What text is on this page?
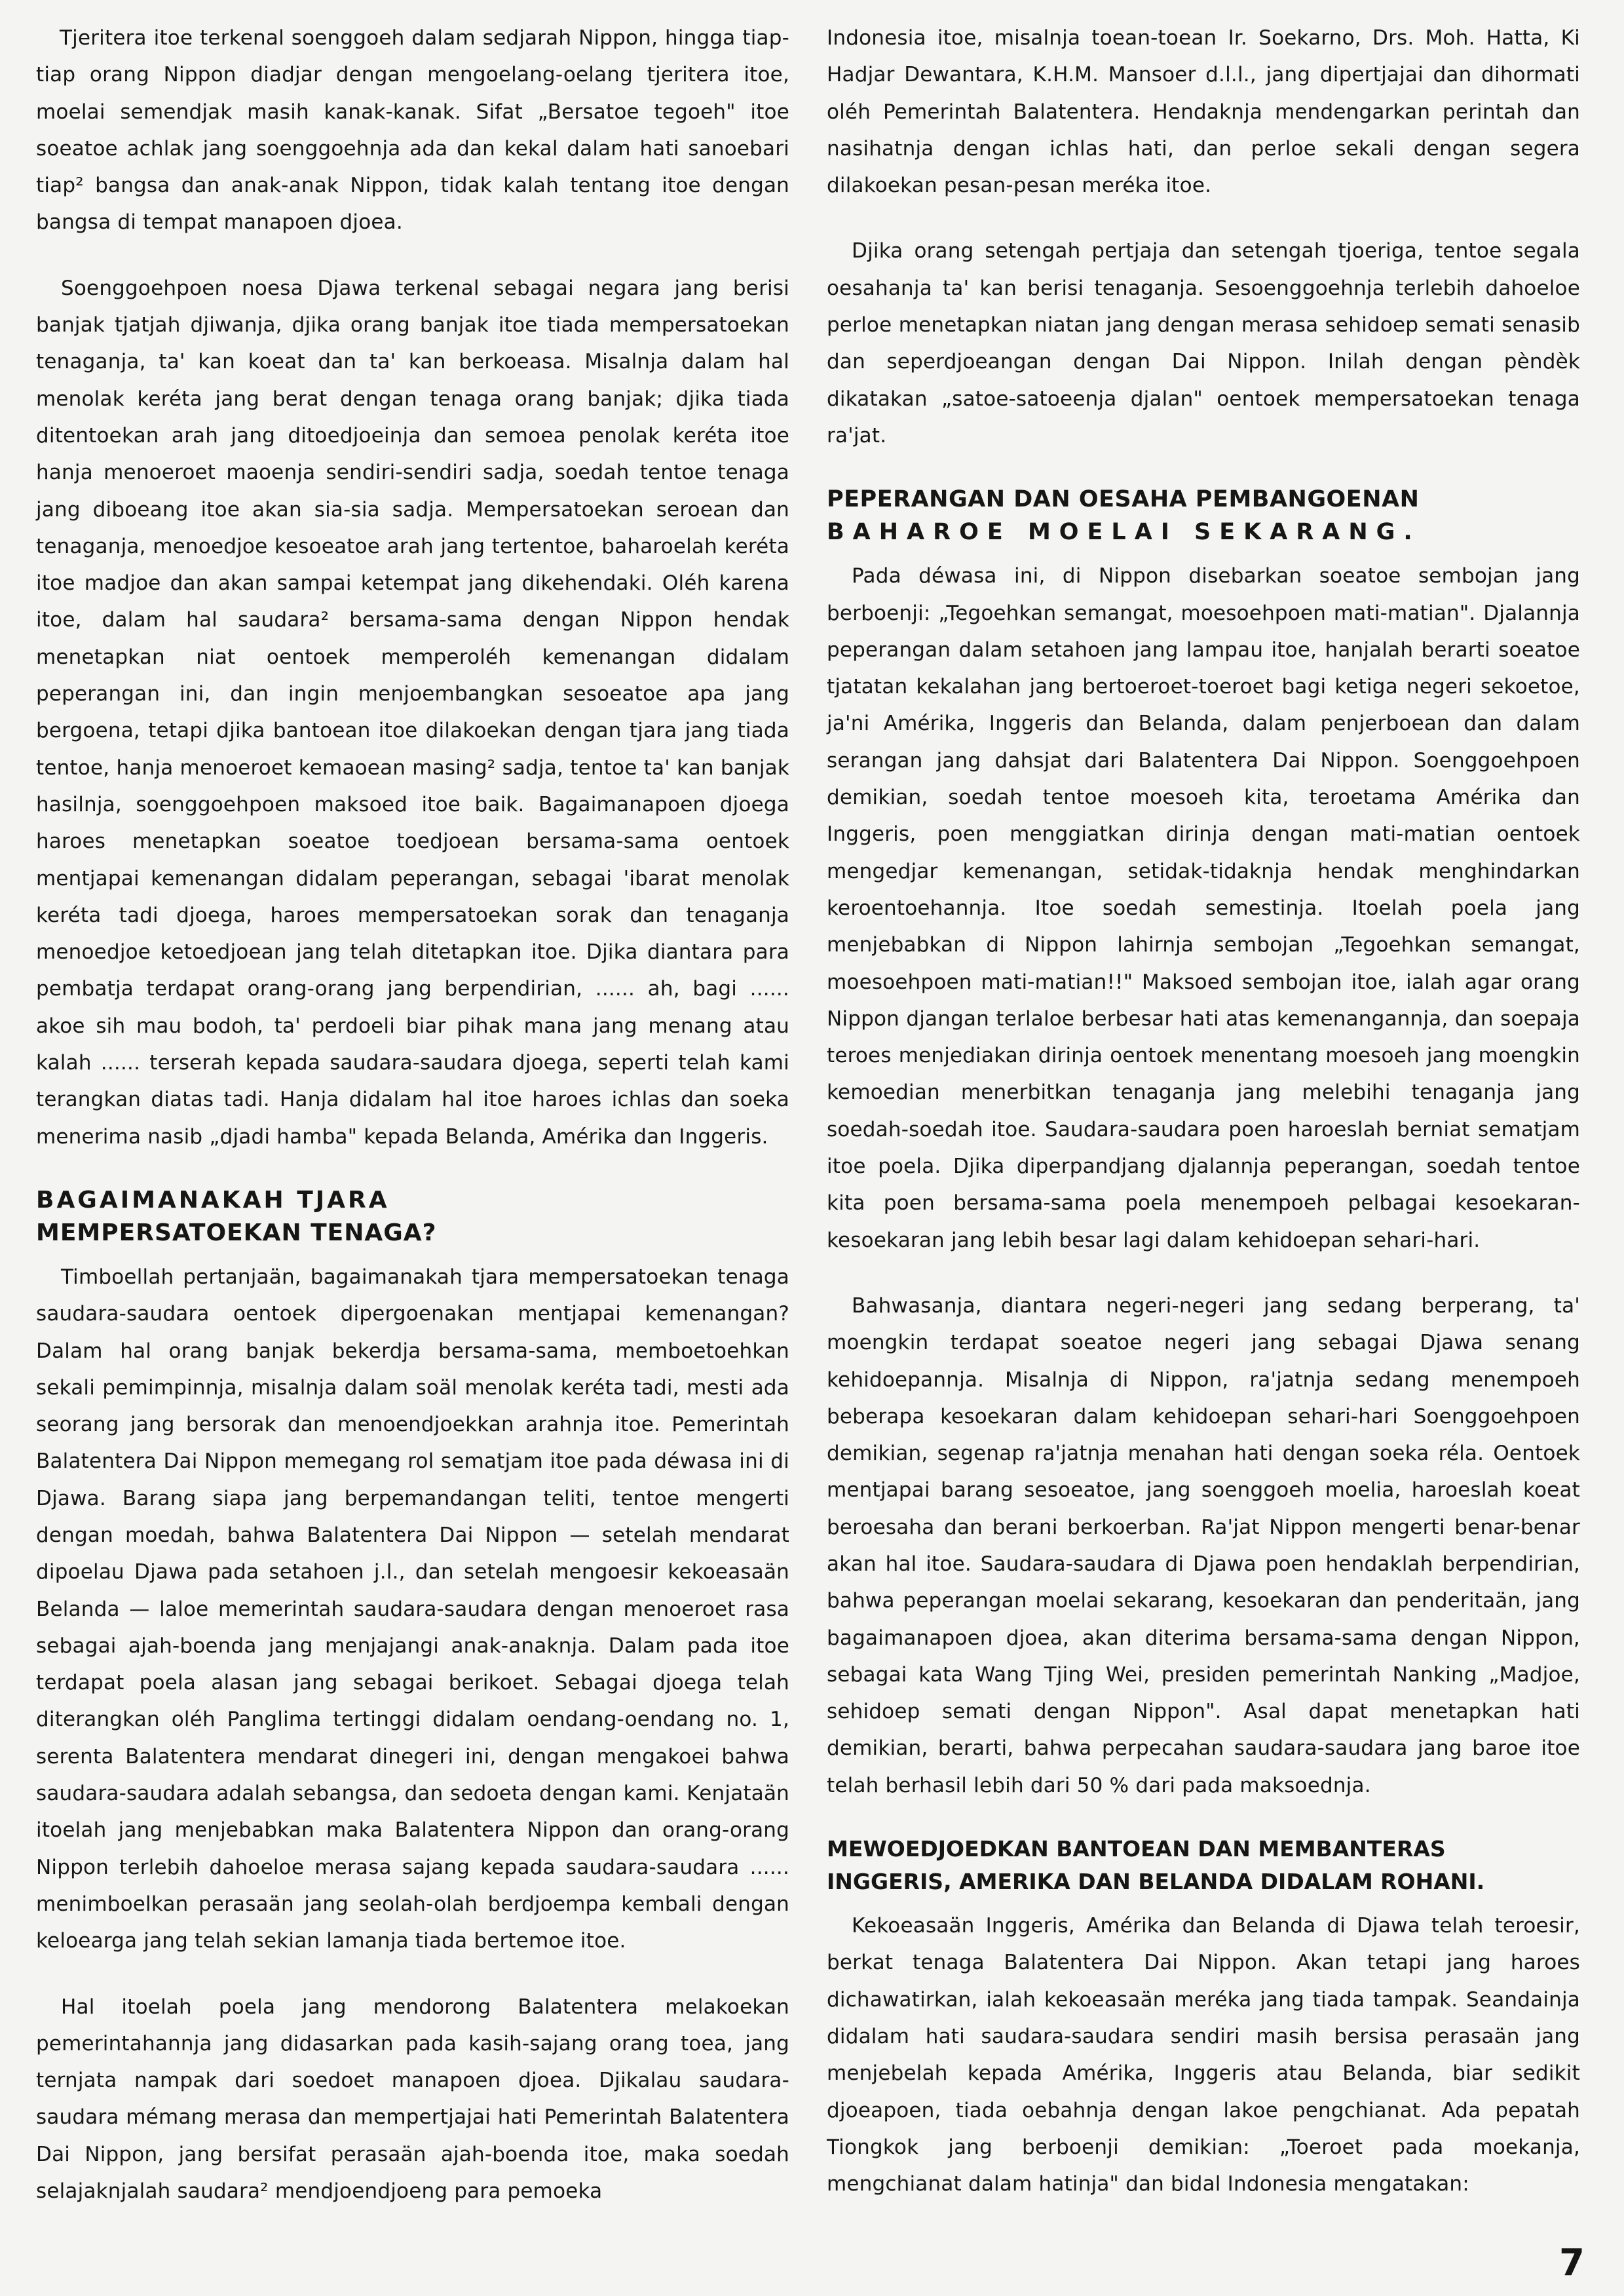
Tjeritera itoe terkenal soenggoeh dalam sedjarah Nippon, hingga tiap-tiap orang Nippon diadjar dengan mengoelang-oelang tjeritera itoe, moelai semendjak masih kanak-kanak. Sifat „Bersatoe tegoeh" itoe soeatoe achlak jang soenggoehnja ada dan kekal dalam hati sanoebari tiap² bangsa dan anak-anak Nippon, tidak kalah tentang itoe dengan bangsa di tempat manapoen djoea.

Soenggoehpoen noesa Djawa terkenal sebagai negara jang berisi banjak tjatjah djiwanja, djika orang banjak itoe tiada mempersatoekan tenaganja, ta' kan koeat dan ta' kan berkoeasa. Misalnja dalam hal menolak keréta jang berat dengan tenaga orang banjak; djika tiada ditentoekan arah jang ditoedjoeinja dan semoea penolak keréta itoe hanja menoeroet maoenja sendiri-sendiri sadja, soedah tentoe tenaga jang diboeang itoe akan sia-sia sadja. Mempersatoekan seroean dan tenaganja, menoedjoe kesoeatoe arah jang tertentoe, baharoelah keréta itoe madjoe dan akan sampai ketempat jang dikehendaki. Oléh karena itoe, dalam hal saudara² bersama-sama dengan Nippon hendak menetapkan niat oentoek memperoléh kemenangan didalam peperangan ini, dan ingin menjoembangkan sesoeatoe apa jang bergoena, tetapi djika bantoean itoe dilakoekan dengan tjara jang tiada tentoe, hanja menoeroet kemaoean masing² sadja, tentoe ta' kan banjak hasilnja, soenggoehpoen maksoed itoe baik. Bagaimanapoen djoega haroes menetapkan soeatoe toedjoean bersama-sama oentoek mentjapai kemenangan didalam peperangan, sebagai 'ibarat menolak keréta tadi djoega, haroes mempersatoekan sorak dan tenaganja menoedjoe ketoedjoean jang telah ditetapkan itoe. Djika diantara para pembatja terdapat orang-orang jang berpendirian, ...... ah, bagi ...... akoe sih mau bodoh, ta' perdoeli biar pihak mana jang menang atau kalah ...... terserah kepada saudara-saudara djoega, seperti telah kami terangkan diatas tadi. Hanja didalam hal itoe haroes ichlas dan soeka menerima nasib „djadi hamba" kepada Belanda, Amérika dan Inggeris.

BAGAIMANAKAH TJARA
MEMPERSATOEKAN TENAGA?

Timboellah pertanjaän, bagaimanakah tjara mempersatoekan tenaga saudara-saudara oentoek dipergoenakan mentjapai kemenangan? Dalam hal orang banjak bekerdja bersama-sama, memboetoehkan sekali pemimpinnja, misalnja dalam soäl menolak keréta tadi, mesti ada seorang jang bersorak dan menoendjoekkan arahnja itoe. Pemerintah Balatentera Dai Nippon memegang rol sematjam itoe pada déwasa ini di Djawa. Barang siapa jang berpemandangan teliti, tentoe mengerti dengan moedah, bahwa Balatentera Dai Nippon — setelah mendarat dipoelau Djawa pada setahoen j.l., dan setelah mengoesir kekoeasaän Belanda — laloe memerintah saudara-saudara dengan menoeroet rasa sebagai ajah-boenda jang menjajangi anak-anaknja. Dalam pada itoe terdapat poela alasan jang sebagai berikoet. Sebagai djoega telah diterangkan oléh Panglima tertinggi didalam oendang-oendang no. 1, serenta Balatentera mendarat dinegeri ini, dengan mengakoei bahwa saudara-saudara adalah sebangsa, dan sedoeta dengan kami. Kenjataän itoelah jang menjebabkan maka Balatentera Nippon dan orang-orang Nippon terlebih dahoeloe merasa sajang kepada saudara-saudara ...... menimboelkan perasaän jang seolah-olah berdjoempa kembali dengan keloearga jang telah sekian lamanja tiada bertemoe itoe.

Hal itoelah poela jang mendorong Balatentera melakoekan pemerintahannja jang didasarkan pada kasih-sajang orang toea, jang ternjata nampak dari soedoet manapoen djoea. Djikalau saudara-saudara mémang merasa dan mempertjajai hati Pemerintah Balatentera Dai Nippon, jang bersifat perasaän ajah-boenda itoe, maka soedah selajaknjalah saudara² mendjoendjoeng para pemoeka

Indonesia itoe, misalnja toean-toean Ir. Soekarno, Drs. Moh. Hatta, Ki Hadjar Dewantara, K.H.M. Mansoer d.l.l., jang dipertjajai dan dihormati oléh Pemerintah Balatentera. Hendaknja mendengarkan perintah dan nasihatnja dengan ichlas hati, dan perloe sekali dengan segera dilakoekan pesan-pesan meréka itoe.

Djika orang setengah pertjaja dan setengah tjoeriga, tentoe segala oesahanja ta' kan berisi tenaganja. Sesoenggoehnja terlebih dahoeloe perloe menetapkan niatan jang dengan merasa sehidoep semati senasib dan seperdjoeangan dengan Dai Nippon. Inilah dengan pèndèk dikatakan „satoe-satoeenja djalan" oentoek mempersatoekan tenaga ra'jat.

PEPERANGAN DAN OESAHA PEMBANGOENAN
BAHAROE MOELAI SEKARANG.

Pada déwasa ini, di Nippon disebarkan soeatoe sembojan jang berboenji: „Tegoehkan semangat, moesoehpoen mati-matian". Djalannja peperangan dalam setahoen jang lampau itoe, hanjalah berarti soeatoe tjatatan kekalahan jang bertoeroet-toeroet bagi ketiga negeri sekoetoe, ja'ni Amérika, Inggeris dan Belanda, dalam penjerboean dan dalam serangan jang dahsjat dari Balatentera Dai Nippon. Soenggoehpoen demikian, soedah tentoe moesoeh kita, teroetama Amérika dan Inggeris, poen menggiatkan dirinja dengan mati-matian oentoek mengedjar kemenangan, setidak-tidaknja hendak menghindarkan keroentoehannja. Itoe soedah semestinja. Itoelah poela jang menjebabkan di Nippon lahirnja sembojan „Tegoehkan semangat, moesoehpoen mati-matian!!" Maksoed sembojan itoe, ialah agar orang Nippon djangan terlaloe berbesar hati atas kemenangannja, dan soepaja teroes menjediakan dirinja oentoek menentang moesoeh jang moengkin kemoedian menerbitkan tenaganja jang melebihi tenaganja jang soedah-soedah itoe. Saudara-saudara poen haroeslah berniat sematjam itoe poela. Djika diperpandjang djalannja peperangan, soedah tentoe kita poen bersama-sama poela menempoeh pelbagai kesoekaran-kesoekaran jang lebih besar lagi dalam kehidoepan sehari-hari.

Bahwasanja, diantara negeri-negeri jang sedang berperang, ta' moengkin terdapat soeatoe negeri jang sebagai Djawa senang kehidoepannja. Misalnja di Nippon, ra'jatnja sedang menempoeh beberapa kesoekaran dalam kehidoepan sehari-hari Soenggoehpoen demikian, segenap ra'jatnja menahan hati dengan soeka réla. Oentoek mentjapai barang sesoeatoe, jang soenggoeh moelia, haroeslah koeat beroesaha dan berani berkoerban. Ra'jat Nippon mengerti benar-benar akan hal itoe. Saudara-saudara di Djawa poen hendaklah berpendirian, bahwa peperangan moelai sekarang, kesoekaran dan penderitaän, jang bagaimanapoen djoea, akan diterima bersama-sama dengan Nippon, sebagai kata Wang Tjing Wei, presiden pemerintah Nanking „Madjoe, sehidoep semati dengan Nippon". Asal dapat menetapkan hati demikian, berarti, bahwa perpecahan saudara-saudara jang baroe itoe telah berhasil lebih dari 50 % dari pada maksoednja.

MEWOEDJOEDKAN BANTOEAN DAN MEMBANTERAS
INGGERIS, AMERIKA DAN BELANDA DIDALAM ROHANI.

Kekoeasaän Inggeris, Amérika dan Belanda di Djawa telah teroesir, berkat tenaga Balatentera Dai Nippon. Akan tetapi jang haroes dichawatirkan, ialah kekoeasaän meréka jang tiada tampak. Seandainja didalam hati saudara-saudara sendiri masih bersisa perasaän jang menjebelah kepada Amérika, Inggeris atau Belanda, biar sedikit djoeapoen, tiada oebahnja dengan lakoe pengchianat. Ada pepatah Tiongkok jang berboenji demikian: „Toeroet pada moekanja, mengchianat dalam hatinja" dan bidal Indonesia mengatakan:

7
